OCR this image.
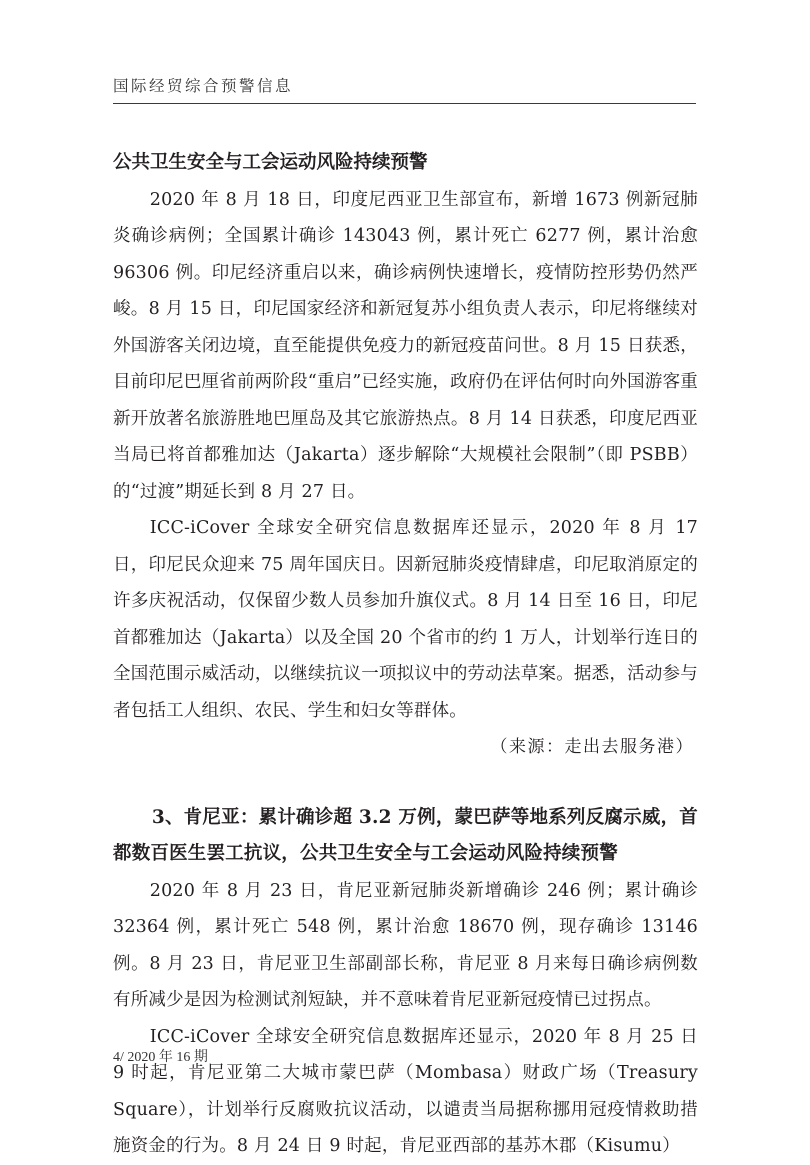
国际经贸综合预警信息

公共卫生安全与工会运动风险持续预警

2020 年 8 月 18 日，印度尼西亚卫生部宣布，新增 1673 例新冠肺炎确诊病例；全国累计确诊 143043 例，累计死亡 6277 例，累计治愈 96306 例。印尼经济重启以来，确诊病例快速增长，疫情防控形势仍然严峻。8 月 15 日，印尼国家经济和新冠复苏小组负责人表示，印尼将继续对外国游客关闭边境，直至能提供免疫力的新冠疫苗问世。8 月 15 日获悉，目前印尼巴厘省前两阶段“重启”已经实施，政府仍在评估何时向外国游客重新开放著名旅游胜地巴厘岛及其它旅游热点。8 月 14 日获悉，印度尼西亚当局已将首都雅加达（Jakarta）逐步解除“大规模社会限制”（即 PSBB）的“过渡”期延长到 8 月 27 日。

ICC-iCover 全球安全研究信息数据库还显示，2020 年 8 月 17 日，印尼民众迎来 75 周年国庆日。因新冠肺炎疫情肆虐，印尼取消原定的许多庆祝活动，仅保留少数人员参加升旗仪式。8 月 14 日至 16 日，印尼首都雅加达（Jakarta）以及全国 20 个省市的约 1 万人，计划举行连日的全国范围示威活动，以继续抗议一项拟议中的劳动法草案。据悉，活动参与者包括工人组织、农民、学生和妇女等群体。

（来源：走出去服务港）

3、肯尼亚：累计确诊超 3.2 万例，蒙巴萨等地系列反腐示威，首都数百医生罢工抗议，公共卫生安全与工会运动风险持续预警

2020 年 8 月 23 日，肯尼亚新冠肺炎新增确诊 246 例；累计确诊 32364 例，累计死亡 548 例，累计治愈 18670 例，现存确诊 13146 例。8 月 23 日，肯尼亚卫生部副部长称，肯尼亚 8 月来每日确诊病例数有所减少是因为检测试剂短缺，并不意味着肯尼亚新冠疫情已过拐点。

ICC-iCover 全球安全研究信息数据库还显示，2020 年 8 月 25 日 9 时起，肯尼亚第二大城市蒙巴萨（Mombasa）财政广场（Treasury Square），计划举行反腐败抗议活动，以谴责当局据称挪用冠疫情救助措施资金的行为。8 月 24 日 9 时起，肯尼亚西部的基苏木郡（Kisumu）

4/ 2020 年 16 期
